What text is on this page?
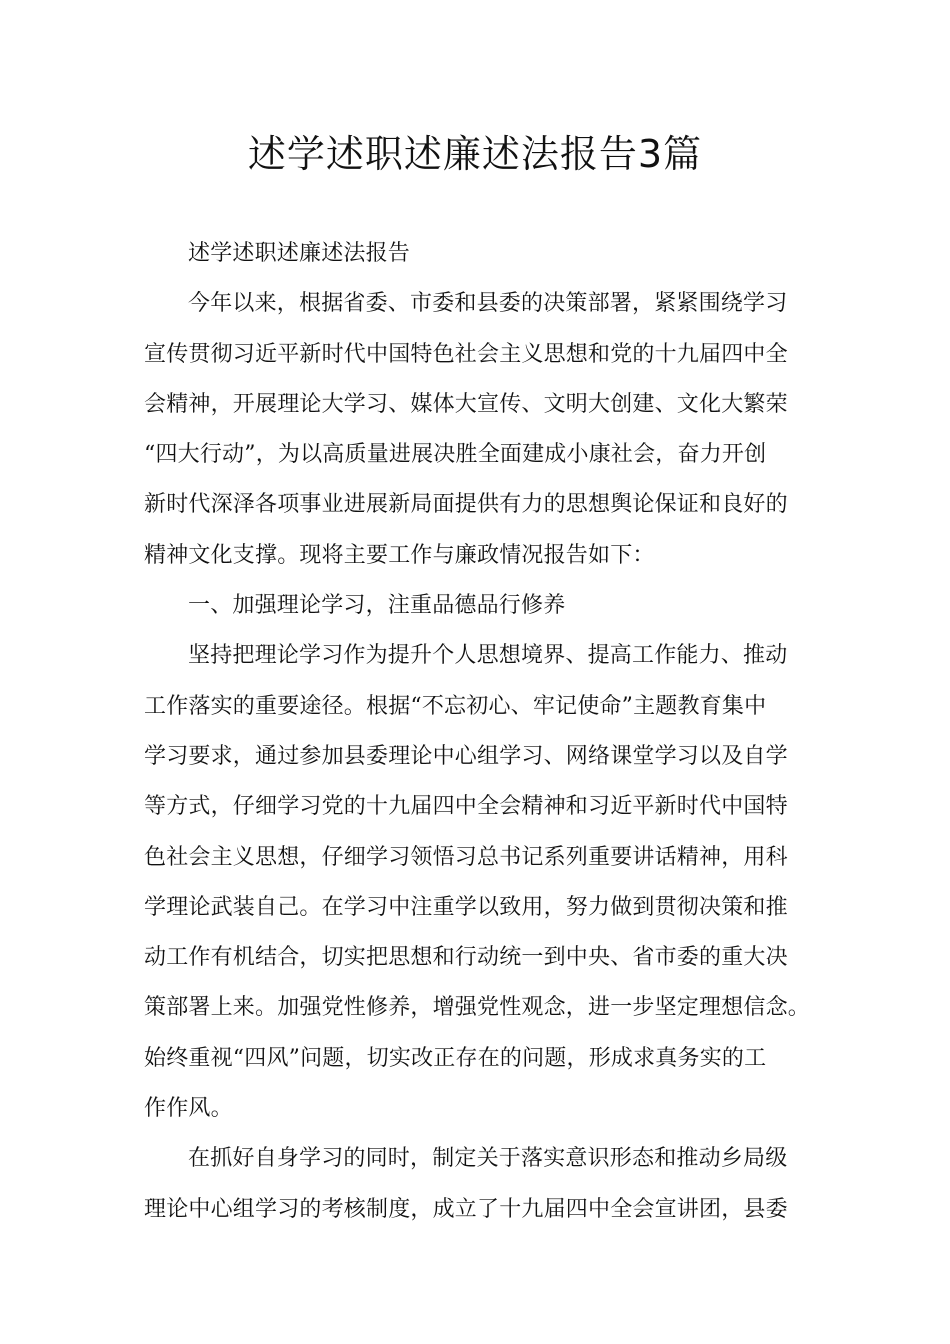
述学述职述廉述法报告3篇
述学述职述廉述法报告
今年以来，根据省委、市委和县委的决策部署，紧紧围绕学习
宣传贯彻习近平新时代中国特色社会主义思想和党的十九届四中全
会精神，开展理论大学习、媒体大宣传、文明大创建、文化大繁荣
“四大行动”，为以高质量进展决胜全面建成小康社会，奋力开创
新时代深泽各项事业进展新局面提供有力的思想舆论保证和良好的
精神文化支撑。现将主要工作与廉政情况报告如下：
一、加强理论学习，注重品德品行修养
坚持把理论学习作为提升个人思想境界、提高工作能力、推动
工作落实的重要途径。根据“不忘初心、牢记使命”主题教育集中
学习要求，通过参加县委理论中心组学习、网络课堂学习以及自学
等方式，仔细学习党的十九届四中全会精神和习近平新时代中国特
色社会主义思想，仔细学习领悟习总书记系列重要讲话精神，用科
学理论武装自己。在学习中注重学以致用，努力做到贯彻决策和推
动工作有机结合，切实把思想和行动统一到中央、省市委的重大决
策部署上来。加强党性修养，增强党性观念，进一步坚定理想信念。
始终重视“四风”问题，切实改正存在的问题，形成求真务实的工
作作风。
在抓好自身学习的同时，制定关于落实意识形态和推动乡局级
理论中心组学习的考核制度，成立了十九届四中全会宣讲团，县委
